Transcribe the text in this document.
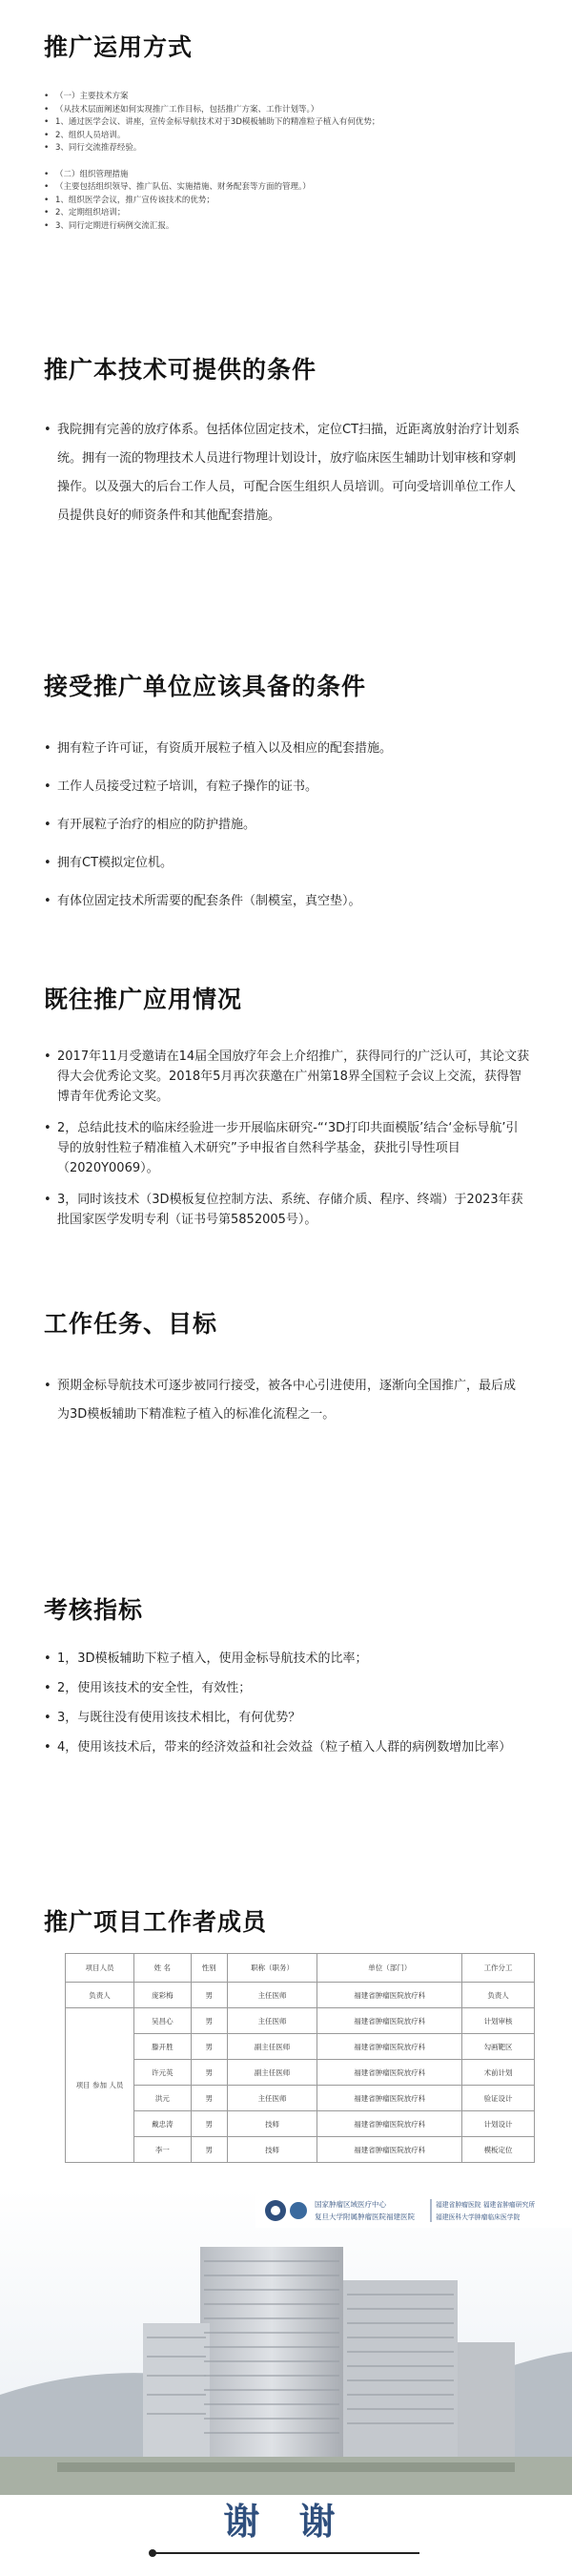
推广运用方式
• （一）主要技术方案
• （从技术层面阐述如何实现推广工作目标，包括推广方案、工作计划等。）
• 1、通过医学会议、讲座，宣传金标导航技术对于3D模板辅助下的精准粒子植入有何优势；
• 2、组织人员培训。
• 3、同行交流推荐经验。
• （二）组织管理措施
• （主要包括组织领导、推广队伍、实施措施、财务配套等方面的管理。）
• 1、组织医学会议，推广宣传该技术的优势；
• 2、定期组织培训；
• 3、同行定期进行病例交流汇报。
推广本技术可提供的条件
• 我院拥有完善的放疗体系。包括体位固定技术，定位CT扫描，近距离放射治疗计划系统。拥有一流的物理技术人员进行物理计划设计，放疗临床医生辅助计划审核和穿刺操作。以及强大的后台工作人员，可配合医生组织人员培训。可向受培训单位工作人员提供良好的师资条件和其他配套措施。
接受推广单位应该具备的条件
• 拥有粒子许可证，有资质开展粒子植入以及相应的配套措施。
• 工作人员接受过粒子培训，有粒子操作的证书。
• 有开展粒子治疗的相应的防护措施。
• 拥有CT模拟定位机。
• 有体位固定技术所需要的配套条件（制模室，真空垫）。
既往推广应用情况
• 2017年11月受邀请在14届全国放疗年会上介绍推广，获得同行的广泛认可，其论文获得大会优秀论文奖。2018年5月再次获邀在广州第18界全国粒子会议上交流，获得智博青年优秀论文奖。
• 2，总结此技术的临床经验进一步开展临床研究-“‘3D打印共面模版’结合‘金标导航’引导的放射性粒子精准植入术研究”予申报省自然科学基金，获批引导性项目（2020Y0069）。
• 3，同时该技术（3D模板复位控制方法、系统、存储介质、程序、终端）于2023年获批国家医学发明专利（证书号第5852005号）。
工作任务、目标
• 预期金标导航技术可逐步被同行接受，被各中心引进使用，逐渐向全国推广，最后成为3D模板辅助下精准粒子植入的标准化流程之一。
考核指标
• 1，3D模板辅助下粒子植入，使用金标导航技术的比率；
• 2，使用该技术的安全性，有效性；
• 3，与既往没有使用该技术相比，有何优势？
• 4，使用该技术后，带来的经济效益和社会效益（粒子植入人群的病例数增加比率）
推广项目工作者成员
项目人员	姓 名	性别	职称（职务）	单位（部门）	工作分工
负责人	庞彩梅	男	主任医师	福建省肿瘤医院放疗科	负责人
项目 参加 人员	吴昌心	男	主任医师	福建省肿瘤医院放疗科	计划审核
	滕开胜	男	副主任医师	福建省肿瘤医院放疗科	勾画靶区
	许元英	男	副主任医师	福建省肿瘤医院放疗科	术前计划
	洪元	男	主任医师	福建省肿瘤医院放疗科	验证设计
	戴忠涛	男	技师	福建省肿瘤医院放疗科	计划设计
	李一	男	技师	福建省肿瘤医院放疗科	模板定位
国家肿瘤区域医疗中心
复旦大学附属肿瘤医院福建医院
福建省肿瘤医院 福建省肿瘤研究所
福建医科大学肿瘤临床医学院
谢 谢
